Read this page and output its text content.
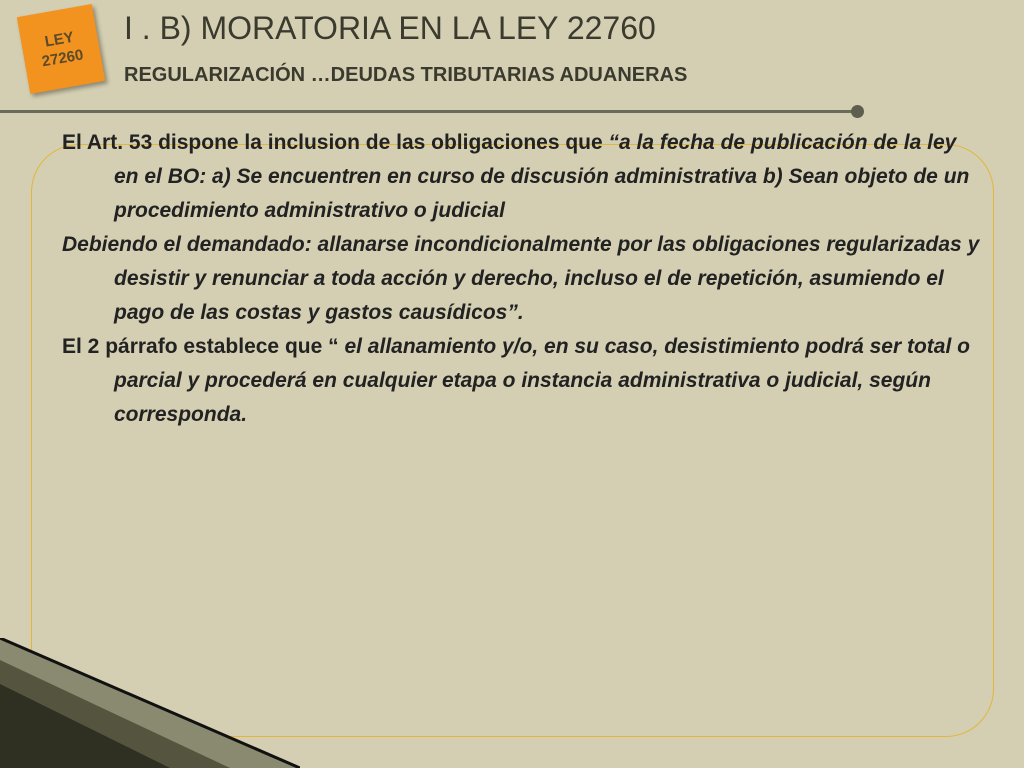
LEY
27260
I . B) MORATORIA EN LA LEY 22760
REGULARIZACIÓN …DEUDAS TRIBUTARIAS ADUANERAS

El Art. 53 dispone la inclusion de las obligaciones que “a la fecha de publicación de la ley en el BO: a) Se encuentren en curso de discusión administrativa b) Sean objeto de un procedimiento administrativo o judicial

Debiendo el demandado: allanarse incondicionalmente por las obligaciones regularizadas y desistir y renunciar a toda acción y derecho, incluso el de repetición, asumiendo el pago de las costas y gastos causídicos”.

El 2 párrafo establece que “ el allanamiento y/o, en su caso, desistimiento podrá ser total o parcial y procederá en cualquier etapa o instancia administrativa o judicial, según corresponda.
